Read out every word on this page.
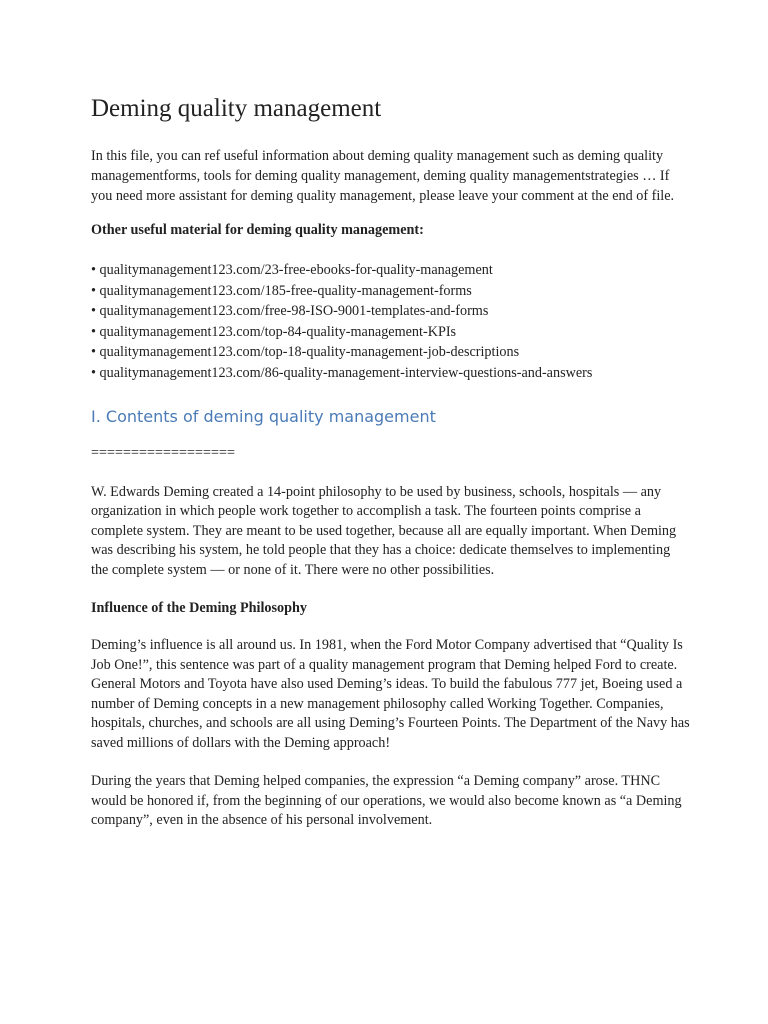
Deming quality management

In this file, you can ref useful information about deming quality management such as deming quality managementforms, tools for deming quality management, deming quality managementstrategies … If you need more assistant for deming quality management, please leave your comment at the end of file.

Other useful material for deming quality management:

• qualitymanagement123.com/23-free-ebooks-for-quality-management
• qualitymanagement123.com/185-free-quality-management-forms
• qualitymanagement123.com/free-98-ISO-9001-templates-and-forms
• qualitymanagement123.com/top-84-quality-management-KPIs
• qualitymanagement123.com/top-18-quality-management-job-descriptions
• qualitymanagement123.com/86-quality-management-interview-questions-and-answers
I. Contents of deming quality management

==================

W. Edwards Deming created a 14-point philosophy to be used by business, schools, hospitals — any organization in which people work together to accomplish a task. The fourteen points comprise a complete system. They are meant to be used together, because all are equally important. When Deming was describing his system, he told people that they has a choice: dedicate themselves to implementing the complete system — or none of it. There were no other possibilities.

Influence of the Deming Philosophy

Deming’s influence is all around us. In 1981, when the Ford Motor Company advertised that “Quality Is Job One!”, this sentence was part of a quality management program that Deming helped Ford to create. General Motors and Toyota have also used Deming’s ideas. To build the fabulous 777 jet, Boeing used a number of Deming concepts in a new management philosophy called Working Together. Companies, hospitals, churches, and schools are all using Deming’s Fourteen Points. The Department of the Navy has saved millions of dollars with the Deming approach!

During the years that Deming helped companies, the expression “a Deming company” arose. THNC would be honored if, from the beginning of our operations, we would also become known as “a Deming company”, even in the absence of his personal involvement.
